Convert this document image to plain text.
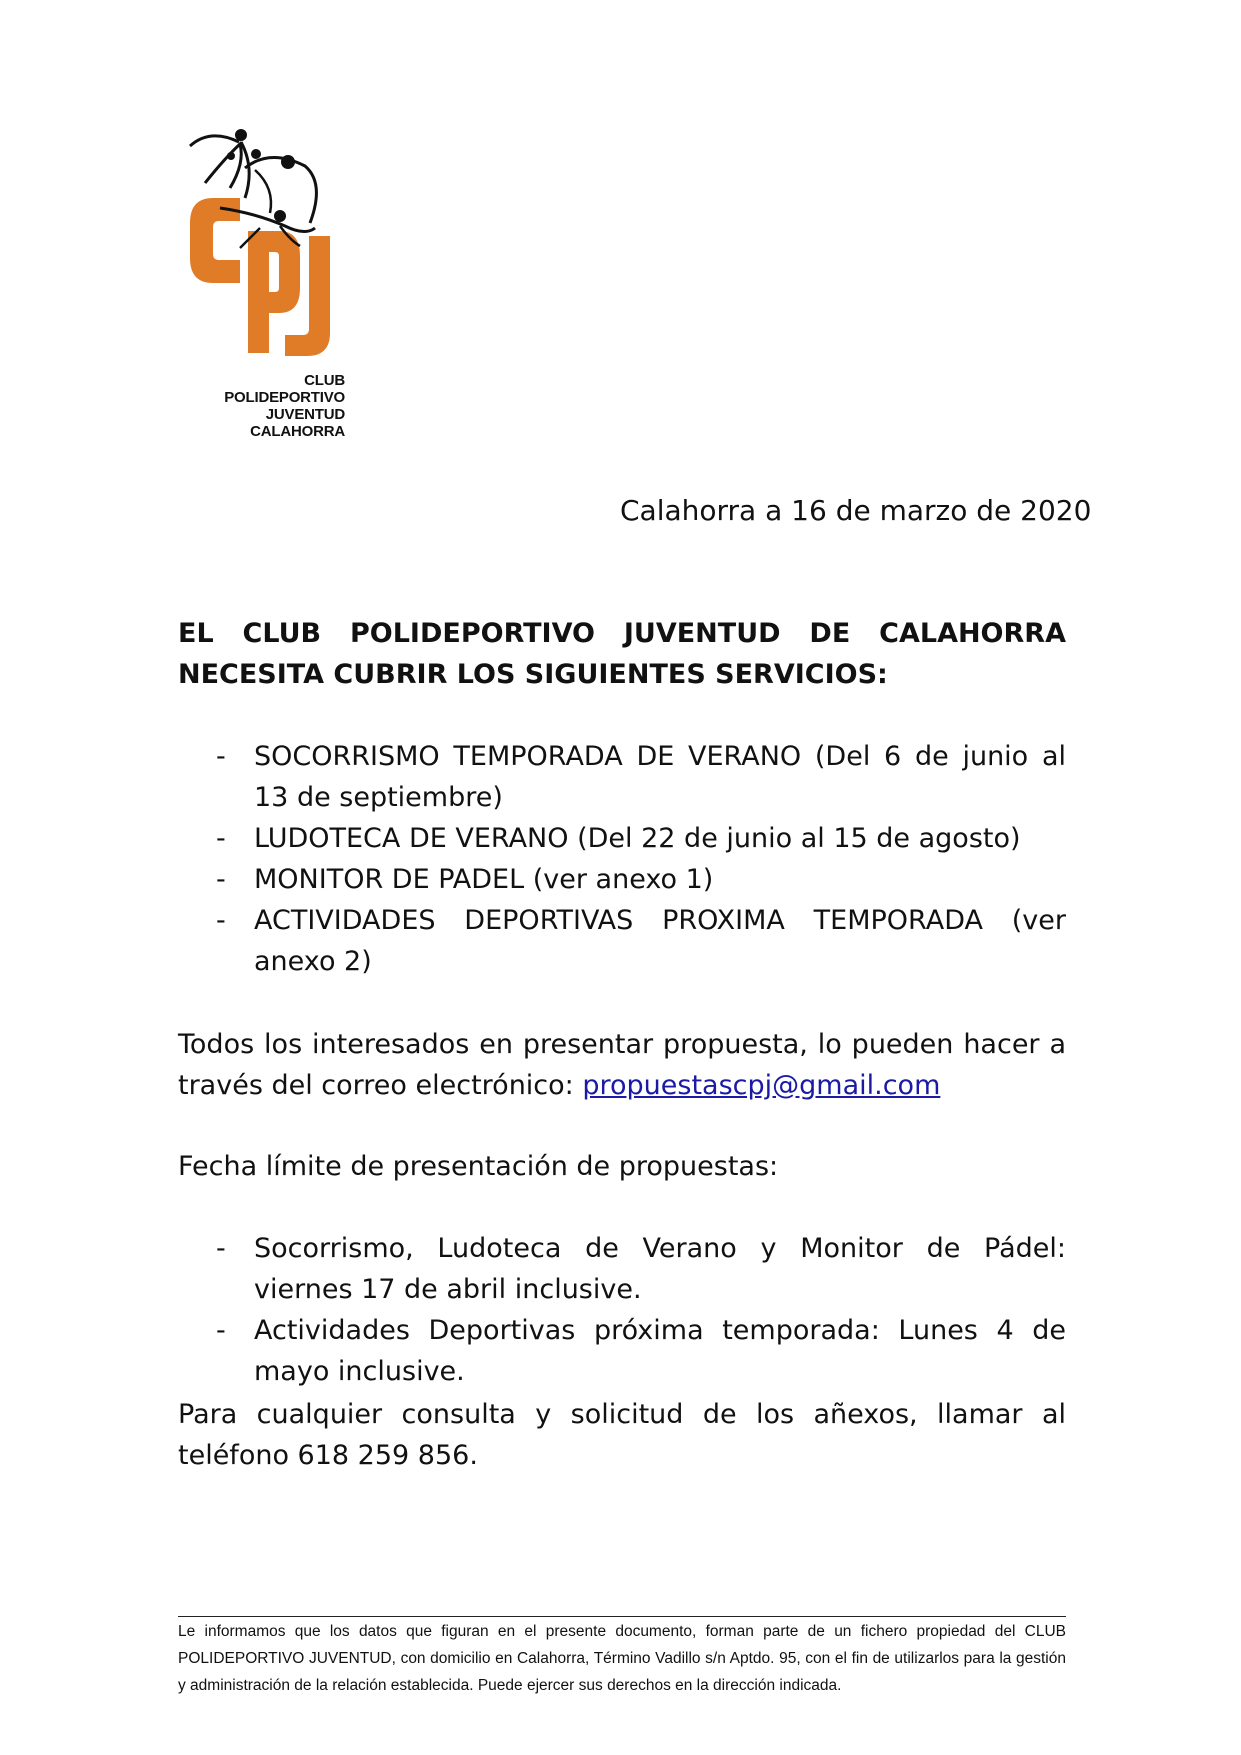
CLUB POLIDEPORTIVO
JUVENTUD
CALAHORRA
Calahorra a 16 de marzo de 2020
EL CLUB POLIDEPORTIVO JUVENTUD DE CALAHORRA NECESITA CUBRIR LOS SIGUIENTES SERVICIOS:
- SOCORRISMO TEMPORADA DE VERANO (Del 6 de junio al 13 de septiembre)
- LUDOTECA DE VERANO (Del 22 de junio al 15 de agosto)
- MONITOR DE PADEL (ver anexo 1)
- ACTIVIDADES DEPORTIVAS PROXIMA TEMPORADA (ver anexo 2)

Todos los interesados en presentar propuesta, lo pueden hacer a través del correo electrónico: propuestascpj@gmail.com

Fecha límite de presentación de propuestas:

- Socorrismo, Ludoteca de Verano y Monitor de Pádel: viernes 17 de abril inclusive.
- Actividades Deportivas próxima temporada: Lunes 4 de mayo inclusive.

Para cualquier consulta y solicitud de los añexos, llamar al teléfono 618 259 856.

Le informamos que los datos que figuran en el presente documento, forman parte de un fichero propiedad del CLUB POLIDEPORTIVO JUVENTUD, con domicilio en Calahorra, Término Vadillo s/n Aptdo. 95, con el fin de utilizarlos para la gestión y administración de la relación establecida. Puede ejercer sus derechos en la dirección indicada.
